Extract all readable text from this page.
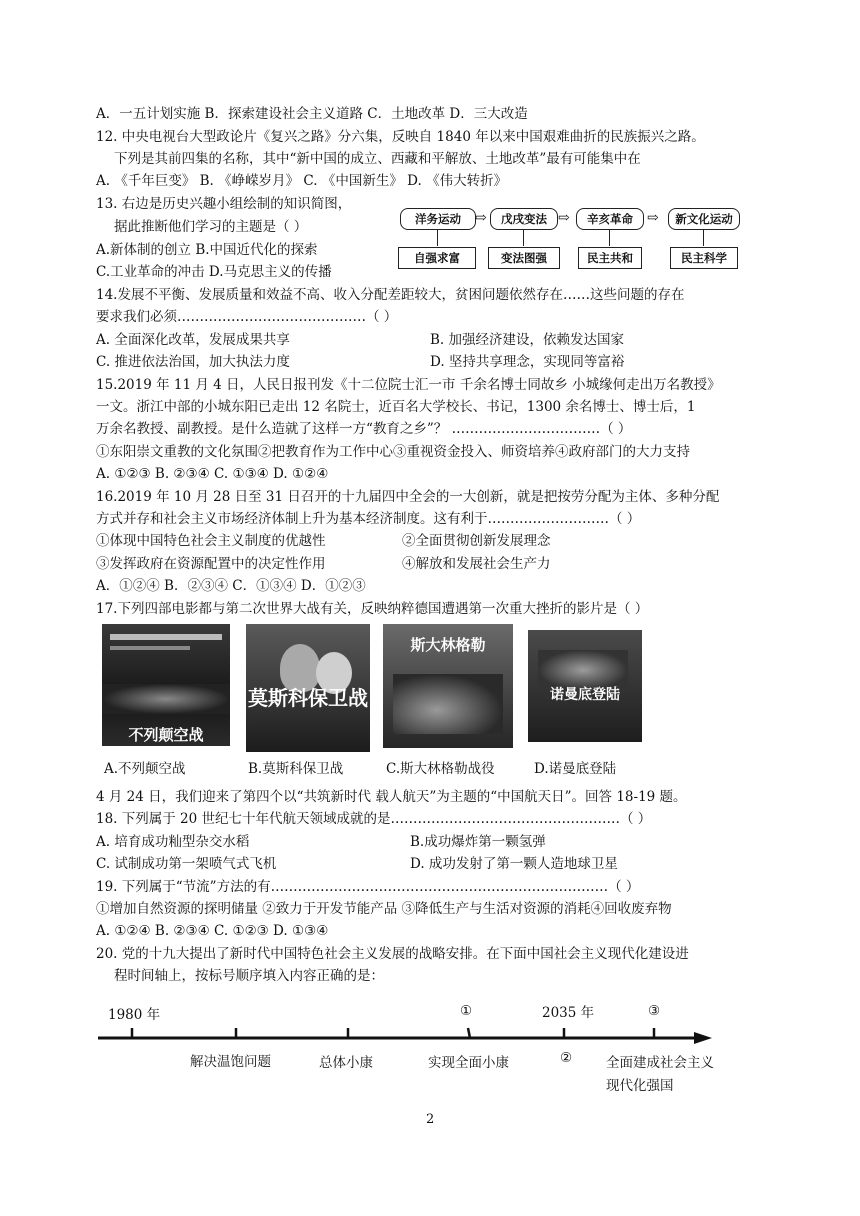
A．一五计划实施 B．探索建设社会主义道路 C．土地改革 D．三大改造
12. 中央电视台大型政论片《复兴之路》分六集，反映自 1840 年以来中国艰难曲折的民族振兴之路。
下列是其前四集的名称，其中“新中国的成立、西藏和平解放、土地改革”最有可能集中在
A. 《千年巨变》 B. 《峥嵘岁月》 C. 《中国新生》 D. 《伟大转折》
13. 右边是历史兴趣小组绘制的知识简图，
据此推断他们学习的主题是（ ）
A.新体制的创立 B.中国近代化的探索
C.工业革命的冲击 D.马克思主义的传播
洋务运动	戊戌变法	辛亥革命	新文化运动
⇨	⇨	⇨
自强求富	变法图强	民主共和	民主科学
14.发展不平衡、发展质量和效益不高、收入分配差距较大，贫困问题依然存在……这些问题的存在
要求我们必须……………………………………（ ）
A. 全面深化改革，发展成果共享	B. 加强经济建设，依赖发达国家
C. 推进依法治国，加大执法力度	D. 坚持共享理念，实现同等富裕
15.2019 年 11 月 4 日，人民日报刊发《十二位院士汇一市 千余名博士同故乡 小城缘何走出万名教授》
一文。浙江中部的小城东阳已走出 12 名院士，近百名大学校长、书记，1300 余名博士、博士后，1
万余名教授、副教授。是什么造就了这样一方“教育之乡”？ ……………………………（ ）
①东阳崇文重教的文化氛围②把教育作为工作中心③重视资金投入、师资培养④政府部门的大力支持
A. ①②③ B. ②③④ C. ①③④ D. ①②④
16.2019 年 10 月 28 日至 31 日召开的十九届四中全会的一大创新，就是把按劳分配为主体、多种分配
方式并存和社会主义市场经济体制上升为基本经济制度。这有利于………………………（ ）
①体现中国特色社会主义制度的优越性	②全面贯彻创新发展理念
③发挥政府在资源配置中的决定性作用	④解放和发展社会生产力
A．①②④ B．②③④ C．①③④ D．①②③
17.下列四部电影都与第二次世界大战有关，反映纳粹德国遭遇第一次重大挫折的影片是（ ）
不列颠空战
莫斯科保卫战
斯大林格勒
诺曼底登陆
A.不列颠空战	B.莫斯科保卫战	C.斯大林格勒战役	D.诺曼底登陆
4 月 24 日，我们迎来了第四个以“共筑新时代 载人航天”为主题的“中国航天日”。回答 18-19 题。
18. 下列属于 20 世纪七十年代航天领域成就的是……………………………………………（ ）
A. 培育成功籼型杂交水稻	B.成功爆炸第一颗氢弹
C. 试制成功第一架喷气式飞机	D. 成功发射了第一颗人造地球卫星
19. 下列属于“节流”方法的有…………………………………………………………………（ ）
①增加自然资源的探明储量 ②致力于开发节能产品 ③降低生产与生活对资源的消耗④回收废弃物
A. ①②④ B. ②③④ C. ①②③ D. ①③④
20. 党的十九大提出了新时代中国特色社会主义发展的战略安排。在下面中国社会主义现代化建设进
程时间轴上，按标号顺序填入内容正确的是：
1980 年	①	2035 年	③
解决温饱问题	总体小康	实现全面小康	②	全面建成社会主义
现代化强国
2
